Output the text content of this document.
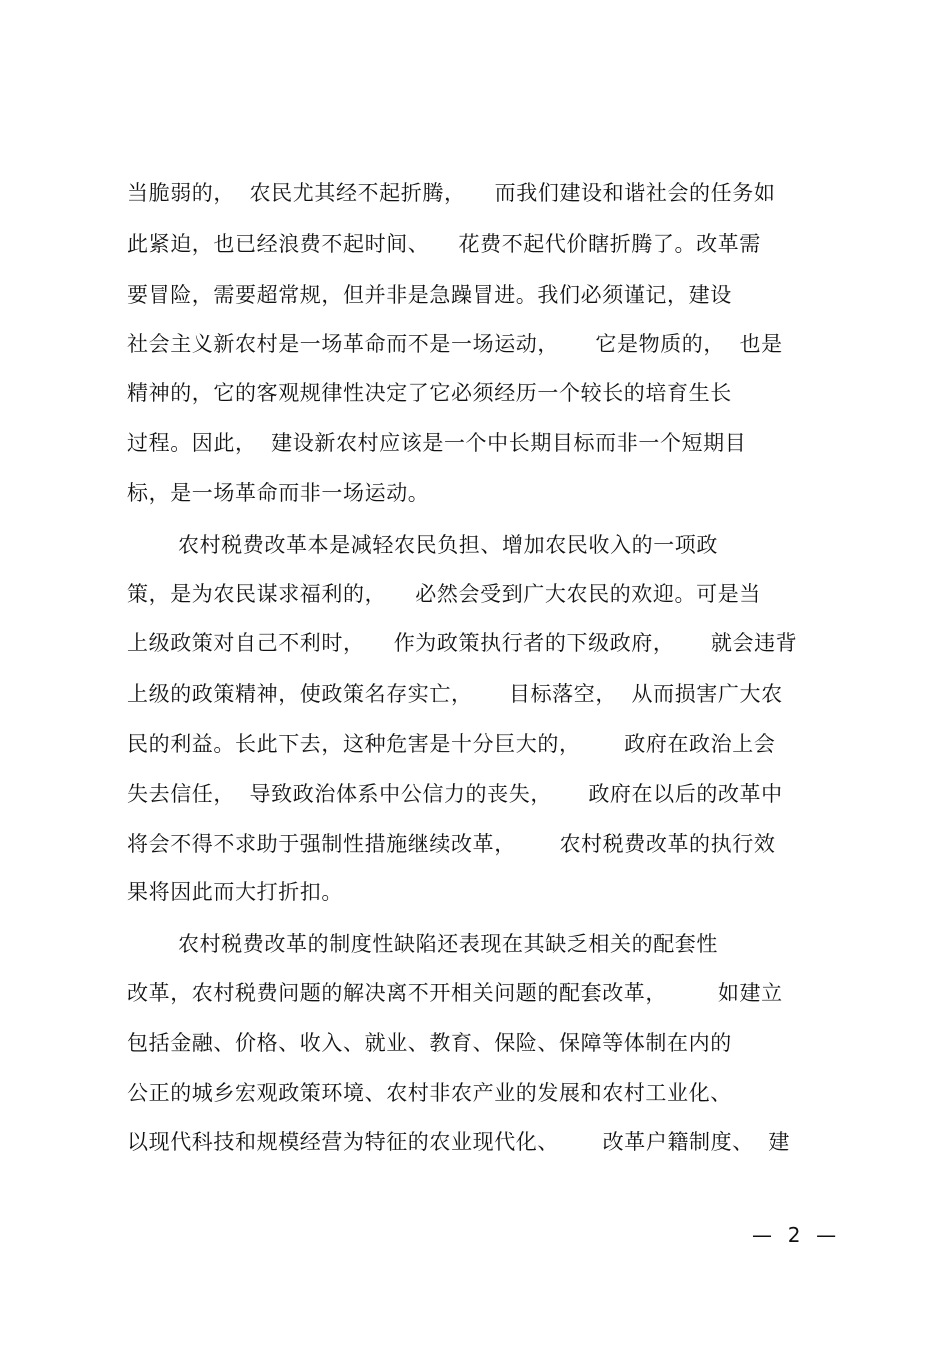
当脆弱的，  农民尤其经不起折腾，    而我们建设和谐社会的任务如
此紧迫，也已经浪费不起时间、    花费不起代价瞎折腾了。改革需
要冒险，需要超常规，但并非是急躁冒进。我们必须谨记，建设
社会主义新农村是一场革命而不是一场运动，     它是物质的，  也是
精神的，它的客观规律性决定了它必须经历一个较长的培育生长
过程。因此，  建设新农村应该是一个中长期目标而非一个短期目
标，是一场革命而非一场运动。
农村税费改革本是减轻农民负担、增加农民收入的一项政
策，是为农民谋求福利的，    必然会受到广大农民的欢迎。可是当
上级政策对自己不利时，    作为政策执行者的下级政府，     就会违背
上级的政策精神，使政策名存实亡，     目标落空，  从而损害广大农
民的利益。长此下去，这种危害是十分巨大的，      政府在政治上会
失去信任，  导致政治体系中公信力的丧失，     政府在以后的改革中
将会不得不求助于强制性措施继续改革，      农村税费改革的执行效
果将因此而大打折扣。
农村税费改革的制度性缺陷还表现在其缺乏相关的配套性
改革，农村税费问题的解决离不开相关问题的配套改革，       如建立
包括金融、价格、收入、就业、教育、保险、保障等体制在内的
公正的城乡宏观政策环境、农村非农产业的发展和农村工业化、
以现代科技和规模经营为特征的农业现代化、      改革户籍制度、  建
—  2  —
